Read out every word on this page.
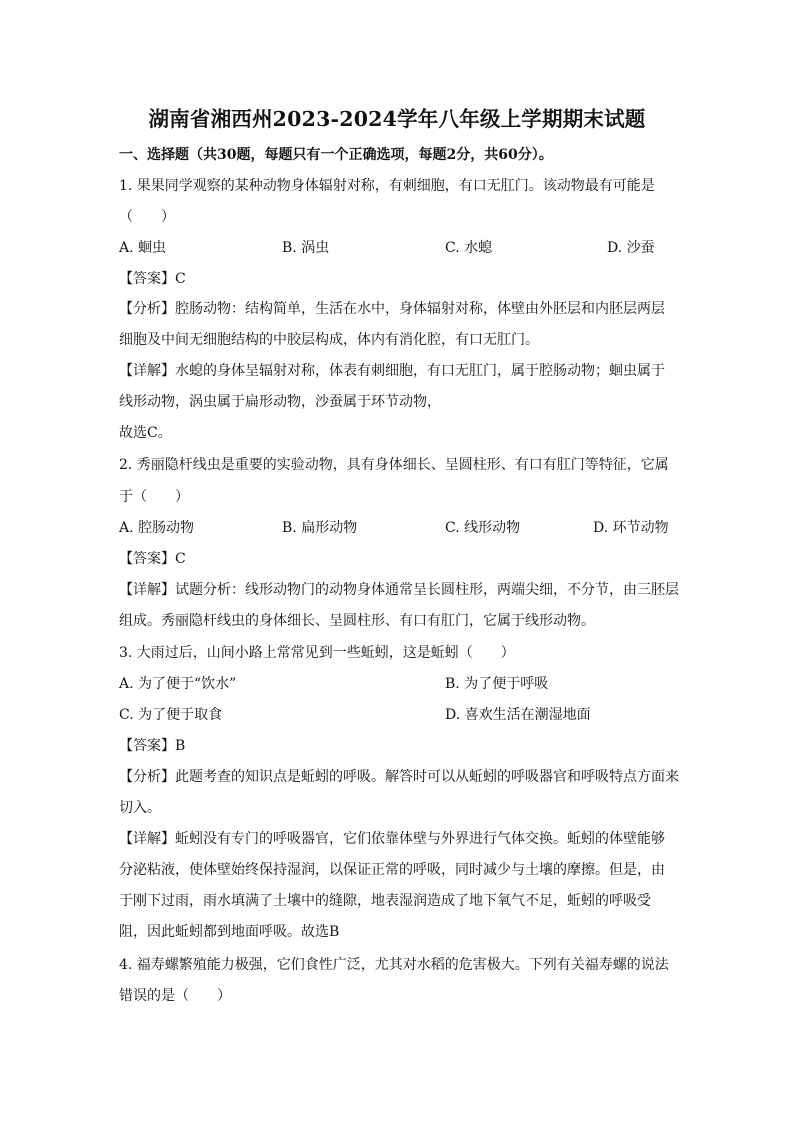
湖南省湘西州2023-2024学年八年级上学期期末试题
一、选择题（共30题，每题只有一个正确选项，每题2分，共60分）。
1. 果果同学观察的某种动物身体辐射对称，有刺细胞，有口无肛门。该动物最有可能是
（　　）
A. 蛔虫	B. 涡虫	C. 水螅	D. 沙蚕
【答案】C
【分析】腔肠动物：结构简单，生活在水中，身体辐射对称，体壁由外胚层和内胚层两层
细胞及中间无细胞结构的中胶层构成，体内有消化腔，有口无肛门。
【详解】水螅的身体呈辐射对称，体表有刺细胞，有口无肛门，属于腔肠动物；蛔虫属于
线形动物，涡虫属于扁形动物，沙蚕属于环节动物，
故选C。
2. 秀丽隐杆线虫是重要的实验动物，具有身体细长、呈圆柱形、有口有肛门等特征，它属
于（　　）
A. 腔肠动物	B. 扁形动物	C. 线形动物	D. 环节动物
【答案】C
【详解】试题分析：线形动物门的动物身体通常呈长圆柱形，两端尖细，不分节，由三胚层
组成。秀丽隐杆线虫的身体细长、呈圆柱形、有口有肛门，它属于线形动物。
3. 大雨过后，山间小路上常常见到一些蚯蚓，这是蚯蚓（　　）
A. 为了便于“饮水”	B. 为了便于呼吸
C. 为了便于取食	D. 喜欢生活在潮湿地面
【答案】B
【分析】此题考查的知识点是蚯蚓的呼吸。解答时可以从蚯蚓的呼吸器官和呼吸特点方面来
切入。
【详解】蚯蚓没有专门的呼吸器官，它们依靠体壁与外界进行气体交换。蚯蚓的体壁能够
分泌粘液，使体壁始终保持湿润，以保证正常的呼吸，同时减少与土壤的摩擦。但是，由
于刚下过雨，雨水填满了土壤中的缝隙，地表湿润造成了地下氧气不足，蚯蚓的呼吸受
阻，因此蚯蚓都到地面呼吸。故选B
4. 福寿螺繁殖能力极强，它们食性广泛，尤其对水稻的危害极大。下列有关福寿螺的说法
错误的是（　　）
